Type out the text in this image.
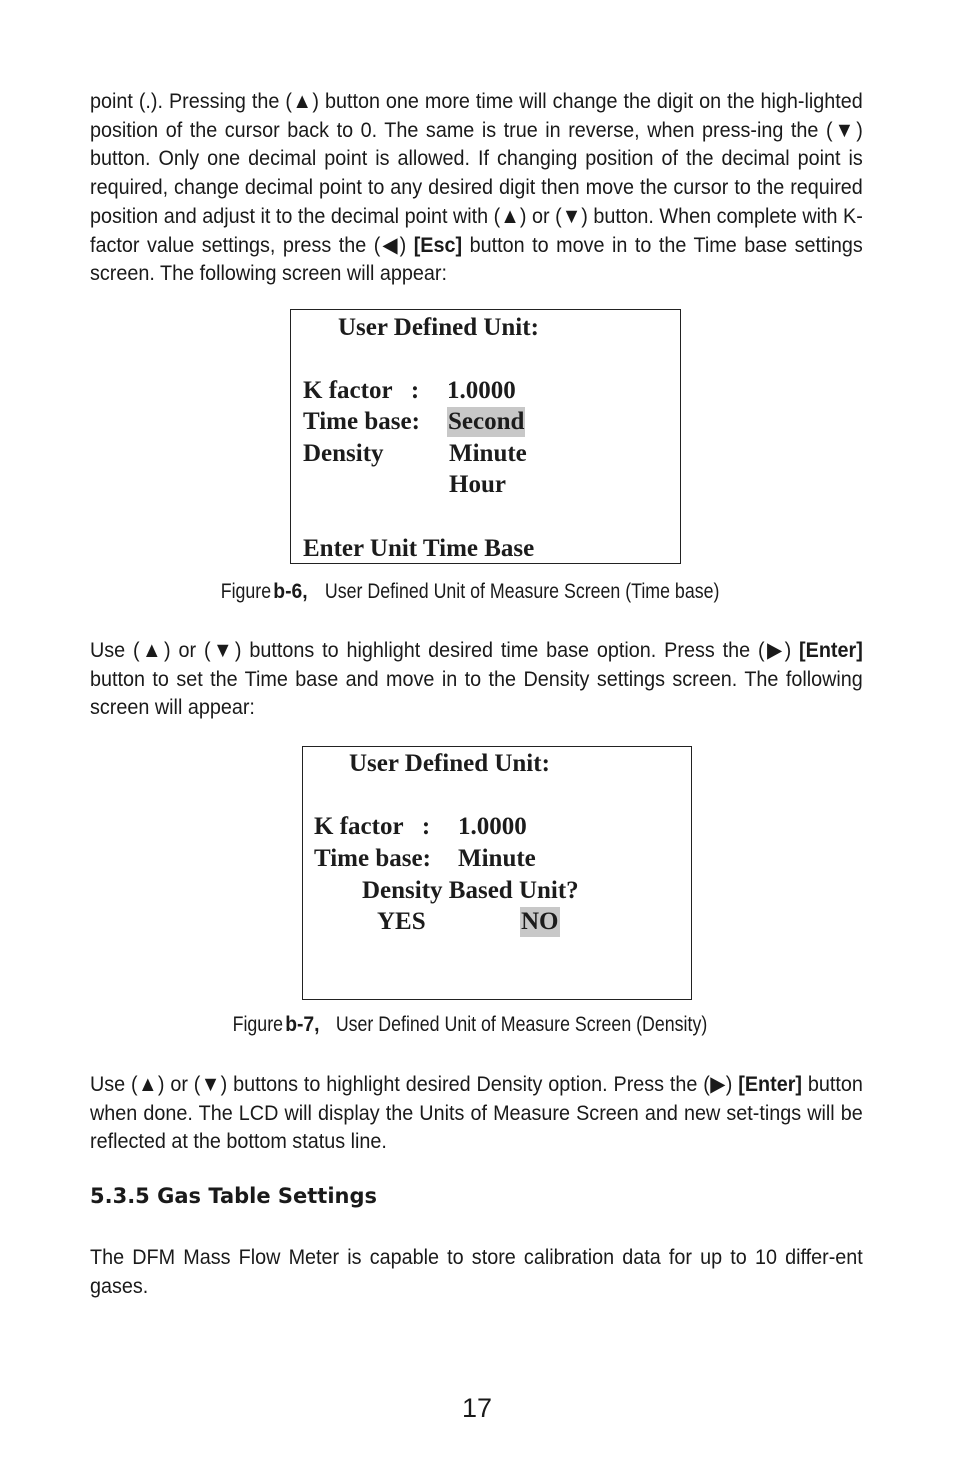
point (.). Pressing the (▲) button one more time will change the digit on the high-lighted position of the cursor back to 0. The same is true in reverse, when press-ing the (▼) button. Only one decimal point is allowed. If changing position of the decimal point is required, change decimal point to any desired digit then move the cursor to the required position and adjust it to the decimal point with (▲) or (▼) button. When complete with K-factor value settings, press the (◀) [Esc] button to move in to the Time base settings screen. The following screen will appear:

User Defined Unit:
K factor   : 1.0000
Time base: Second
Density	Minute
Hour
Enter Unit Time Base

Figureb-6,User Defined Unit of Measure Screen (Time base)

Use (▲) or (▼) buttons to highlight desired time base option. Press the (▶) [Enter] button to set the Time base and move in to the Density settings screen. The following screen will appear:

User Defined Unit:
K factor   : 1.0000
Time base: Minute
Density Based Unit?
YES	NO

Figureb-7,User Defined Unit of Measure Screen (Density)

Use (▲) or (▼) buttons to highlight desired Density option. Press the (▶) [Enter] button when done. The LCD will display the Units of Measure Screen and new set-tings will be reflected at the bottom status line.

5.3.5 Gas Table Settings

The DFM Mass Flow Meter is capable to store calibration data for up to 10 differ-ent gases.

17
